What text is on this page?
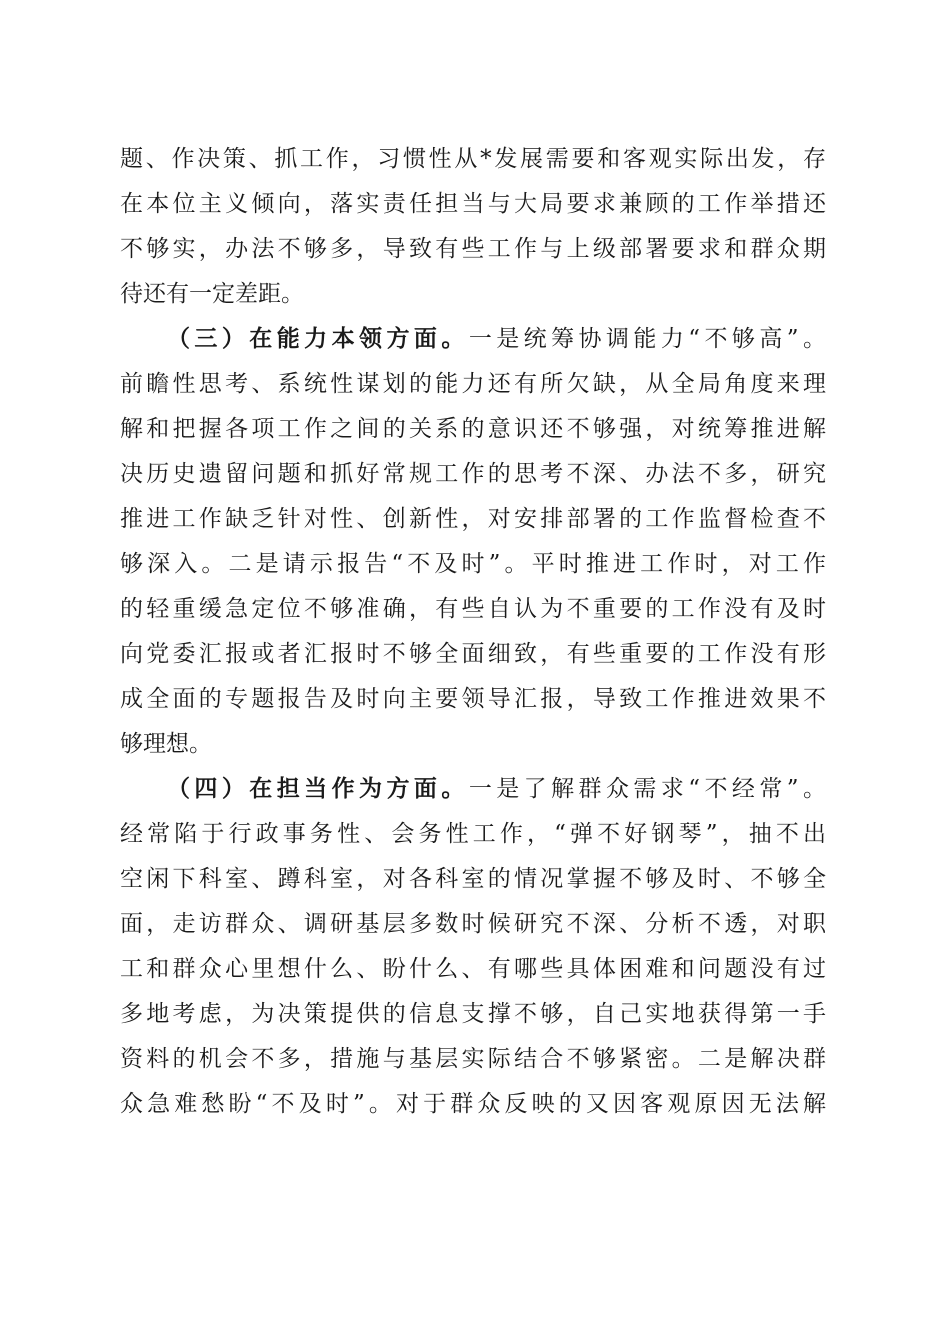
题、作决策、抓工作，习惯性从*发展需要和客观实际出发，存
在本位主义倾向，落实责任担当与大局要求兼顾的工作举措还
不够实，办法不够多，导致有些工作与上级部署要求和群众期
待还有一定差距。
（三）在能力本领方面。一是统筹协调能力“不够高”。
前瞻性思考、系统性谋划的能力还有所欠缺，从全局角度来理
解和把握各项工作之间的关系的意识还不够强，对统筹推进解
决历史遗留问题和抓好常规工作的思考不深、办法不多，研究
推进工作缺乏针对性、创新性，对安排部署的工作监督检查不
够深入。二是请示报告“不及时”。平时推进工作时，对工作
的轻重缓急定位不够准确，有些自认为不重要的工作没有及时
向党委汇报或者汇报时不够全面细致，有些重要的工作没有形
成全面的专题报告及时向主要领导汇报，导致工作推进效果不
够理想。
（四）在担当作为方面。一是了解群众需求“不经常”。
经常陷于行政事务性、会务性工作，“弹不好钢琴”，抽不出
空闲下科室、蹲科室，对各科室的情况掌握不够及时、不够全
面，走访群众、调研基层多数时候研究不深、分析不透，对职
工和群众心里想什么、盼什么、有哪些具体困难和问题没有过
多地考虑，为决策提供的信息支撑不够，自己实地获得第一手
资料的机会不多，措施与基层实际结合不够紧密。二是解决群
众急难愁盼“不及时”。对于群众反映的又因客观原因无法解
